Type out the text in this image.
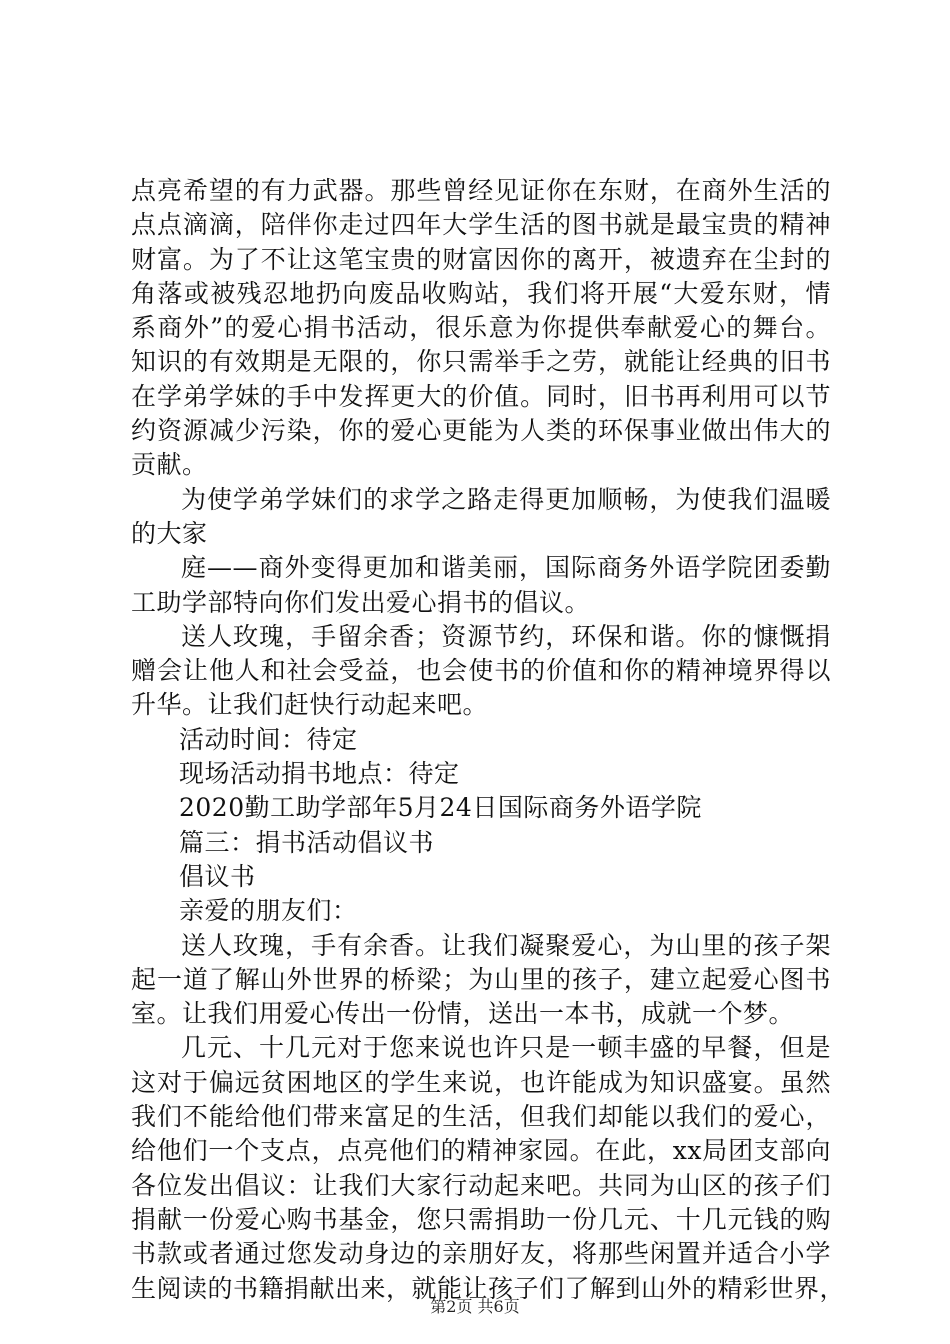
点亮希望的有力武器。那些曾经见证你在东财，在商外生活的
点点滴滴，陪伴你走过四年大学生活的图书就是最宝贵的精神
财富。为了不让这笔宝贵的财富因你的离开，被遗弃在尘封的
角落或被残忍地扔向废品收购站，我们将开展“大爱东财，情
系商外”的爱心捐书活动，很乐意为你提供奉献爱心的舞台。
知识的有效期是无限的，你只需举手之劳，就能让经典的旧书
在学弟学妹的手中发挥更大的价值。同时，旧书再利用可以节
约资源减少污染，你的爱心更能为人类的环保事业做出伟大的
贡献。
为使学弟学妹们的求学之路走得更加顺畅，为使我们温暖
的大家
庭——商外变得更加和谐美丽，国际商务外语学院团委勤
工助学部特向你们发出爱心捐书的倡议。
送人玫瑰，手留余香；资源节约，环保和谐。你的慷慨捐
赠会让他人和社会受益，也会使书的价值和你的精神境界得以
升华。让我们赶快行动起来吧。
活动时间：待定
现场活动捐书地点：待定
2020勤工助学部年5月24日国际商务外语学院
篇三：捐书活动倡议书
倡议书
亲爱的朋友们：
送人玫瑰，手有余香。让我们凝聚爱心，为山里的孩子架
起一道了解山外世界的桥梁；为山里的孩子，建立起爱心图书
室。让我们用爱心传出一份情，送出一本书，成就一个梦。
几元、十几元对于您来说也许只是一顿丰盛的早餐，但是
这对于偏远贫困地区的学生来说，也许能成为知识盛宴。虽然
我们不能给他们带来富足的生活，但我们却能以我们的爱心，
给他们一个支点，点亮他们的精神家园。在此，xx局团支部向
各位发出倡议：让我们大家行动起来吧。共同为山区的孩子们
捐献一份爱心购书基金，您只需捐助一份几元、十几元钱的购
书款或者通过您发动身边的亲朋好友，将那些闲置并适合小学
生阅读的书籍捐献出来，就能让孩子们了解到山外的精彩世界，
第2页 共6页
